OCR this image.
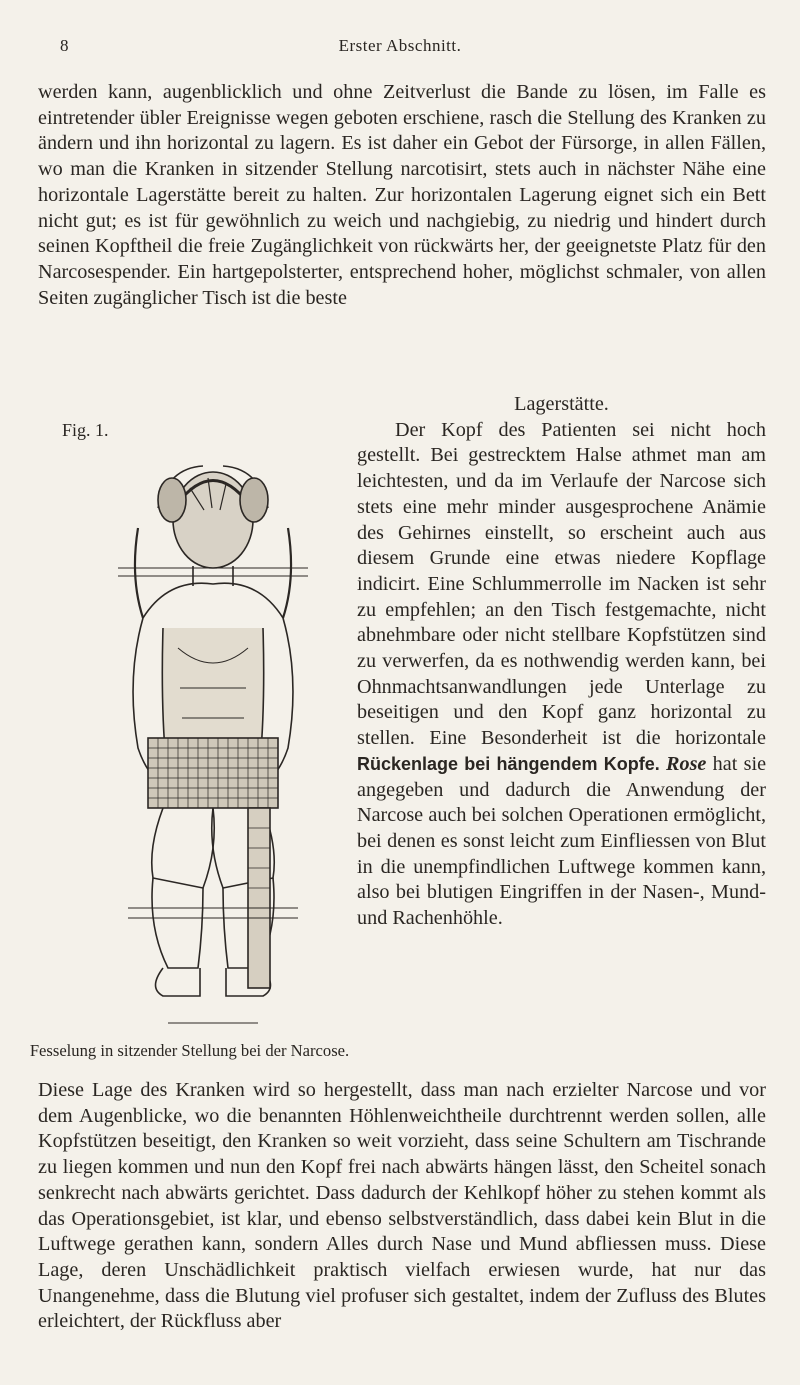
8	Erster Abschnitt.

werden kann, augenblicklich und ohne Zeitverlust die Bande zu lösen, im Falle es eintretender übler Ereignisse wegen geboten erschiene, rasch die Stellung des Kranken zu ändern und ihn horizontal zu lagern. Es ist daher ein Gebot der Fürsorge, in allen Fällen, wo man die Kranken in sitzender Stellung narcotisirt, stets auch in nächster Nähe eine horizontale Lagerstätte bereit zu halten. Zur horizontalen Lagerung eignet sich ein Bett nicht gut; es ist für gewöhnlich zu weich und nachgiebig, zu niedrig und hindert durch seinen Kopftheil die freie Zugänglichkeit von rückwärts her, der geeignetste Platz für den Narcosespender. Ein hartgepolsterter, entsprechend hoher, möglichst schmaler, von allen Seiten zugänglicher Tisch ist die beste

Fig. 1.
Fesselung in sitzender Stellung bei der Narcose.

Lagerstätte.

Der Kopf des Patienten sei nicht hoch gestellt. Bei gestrecktem Halse athmet man am leichtesten, und da im Verlaufe der Narcose sich stets eine mehr minder ausgesprochene Anämie des Gehirnes einstellt, so erscheint auch aus diesem Grunde eine etwas niedere Kopflage indicirt. Eine Schlummerrolle im Nacken ist sehr zu empfehlen; an den Tisch festgemachte, nicht abnehmbare oder nicht stellbare Kopfstützen sind zu verwerfen, da es nothwendig werden kann, bei Ohnmachtsanwandlungen jede Unterlage zu beseitigen und den Kopf ganz horizontal zu stellen. Eine Besonderheit ist die horizontale Rückenlage bei hängendem Kopfe. Rose hat sie angegeben und dadurch die Anwendung der Narcose auch bei solchen Operationen ermöglicht, bei denen es sonst leicht zum Einfliessen von Blut in die unempfindlichen Luftwege kommen kann, also bei blutigen Eingriffen in der Nasen-, Mund- und Rachenhöhle.

Diese Lage des Kranken wird so hergestellt, dass man nach erzielter Narcose und vor dem Augenblicke, wo die benannten Höhlenweichtheile durchtrennt werden sollen, alle Kopfstützen beseitigt, den Kranken so weit vorzieht, dass seine Schultern am Tischrande zu liegen kommen und nun den Kopf frei nach abwärts hängen lässt, den Scheitel sonach senkrecht nach abwärts gerichtet. Dass dadurch der Kehlkopf höher zu stehen kommt als das Operationsgebiet, ist klar, und ebenso selbstverständlich, dass dabei kein Blut in die Luftwege gerathen kann, sondern Alles durch Nase und Mund abfliessen muss. Diese Lage, deren Unschädlichkeit praktisch vielfach erwiesen wurde, hat nur das Unangenehme, dass die Blutung viel profuser sich gestaltet, indem der Zufluss des Blutes erleichtert, der Rückfluss aber
